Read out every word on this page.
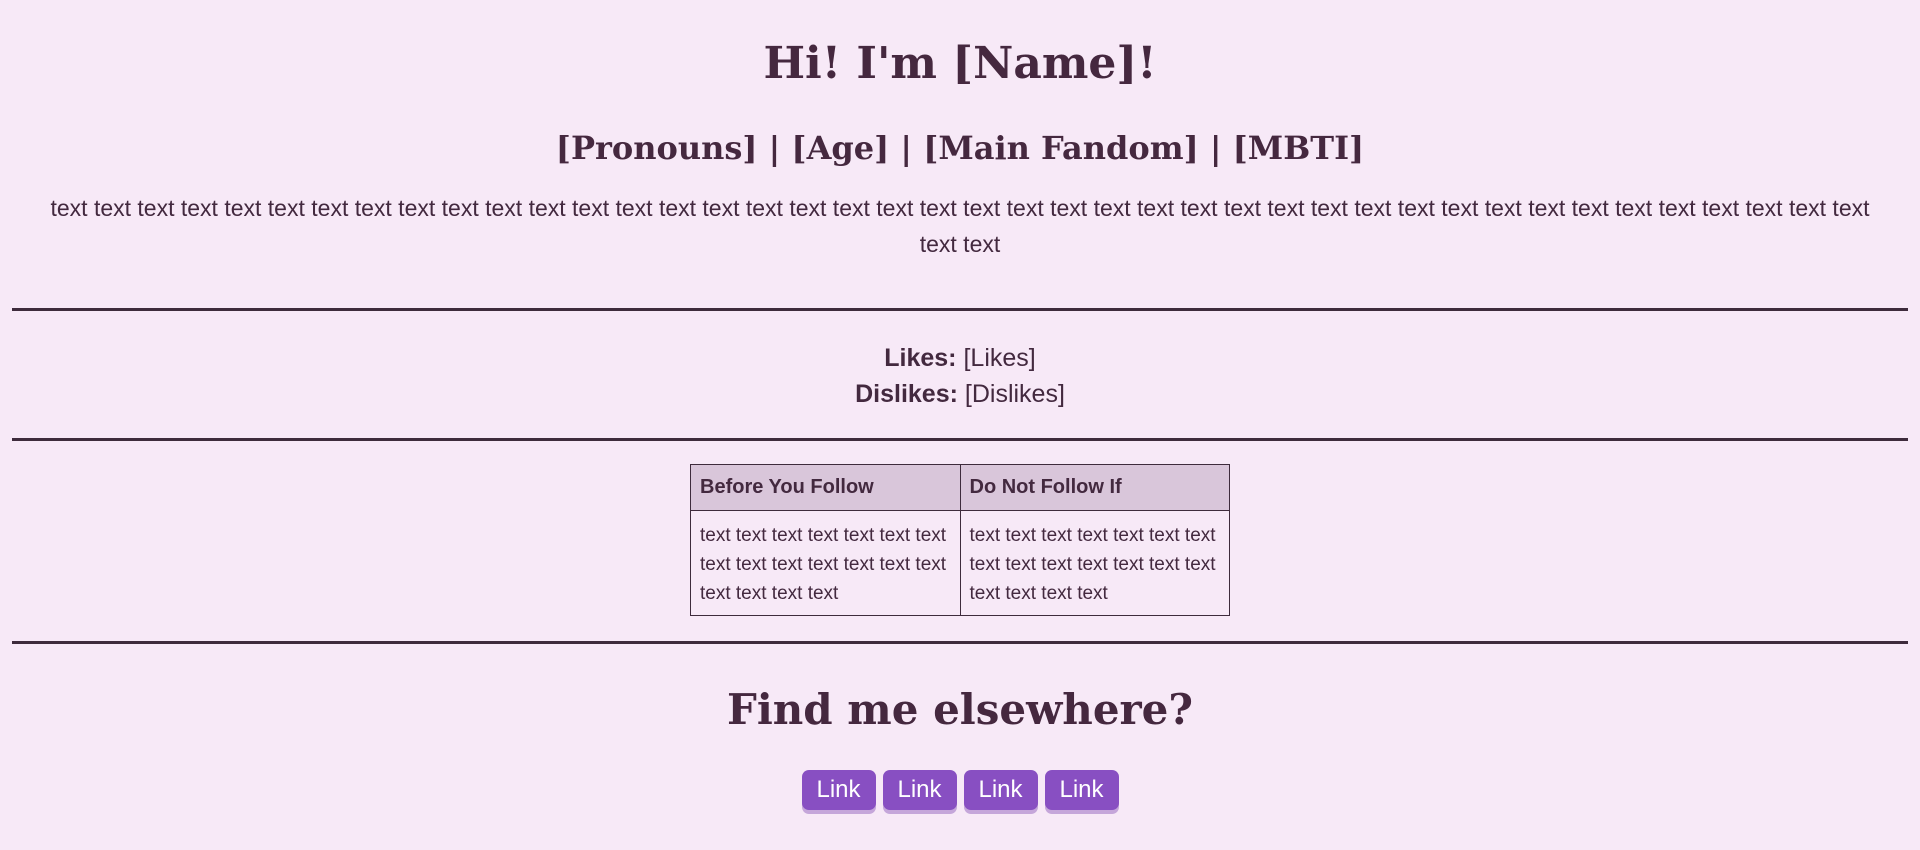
Hi! I'm [Name]!
[Pronouns] | [Age] | [Main Fandom] | [MBTI]

text text text text text text text text text text text text text text text text text text text text text text text text text text text text text text text text text text text text text text text text text text text text

Likes: [Likes]
Dislikes: [Dislikes]
Before You Follow	Do Not Follow If
text text text text text text text text text text text text text text text text text text	text text text text text text text text text text text text text text text text text text
Find me elsewhere?
Link	Link	Link	Link
